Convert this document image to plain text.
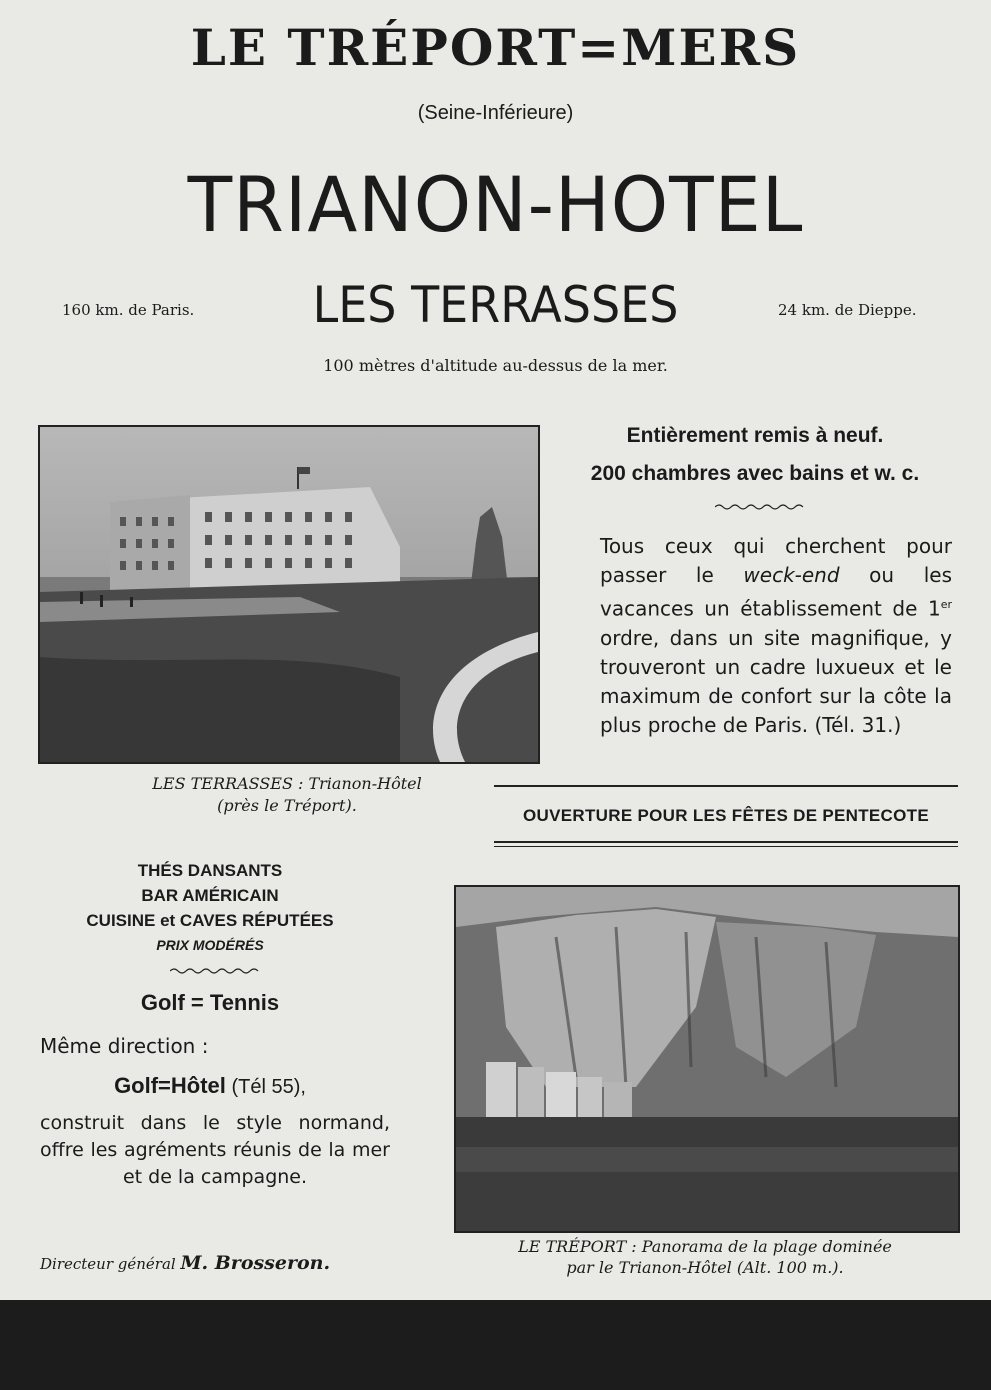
LE TRÉPORT=MERS
(Seine-Inférieure)
TRIANON-HOTEL
160 km. de Paris.	LES TERRASSES	24 km. de Dieppe.
100 mètres d'altitude au-dessus de la mer.
LES TERRASSES : Trianon-Hôtel
(près le Tréport).
Entièrement remis à neuf.
200 chambres avec bains et w. c.

Tous ceux qui cherchent pour passer le weck-end ou les vacances un établissement de 1er ordre, dans un site magnifique, y trouveront un cadre luxueux et le maximum de confort sur la côte la plus proche de Paris. (Tél. 31.)

OUVERTURE POUR LES FÊTES DE PENTECOTE
THÉS DANSANTS
BAR AMÉRICAIN
CUISINE et CAVES RÉPUTÉES
PRIX MODÉRÉS
Golf = Tennis
Même direction :
Golf=Hôtel (Tél 55),

construit dans le style normand, offre les agréments réunis de la mer et de la campagne.

Directeur général M. Brosseron.
LE TRÉPORT : Panorama de la plage dominée
par le Trianon-Hôtel (Alt. 100 m.).
